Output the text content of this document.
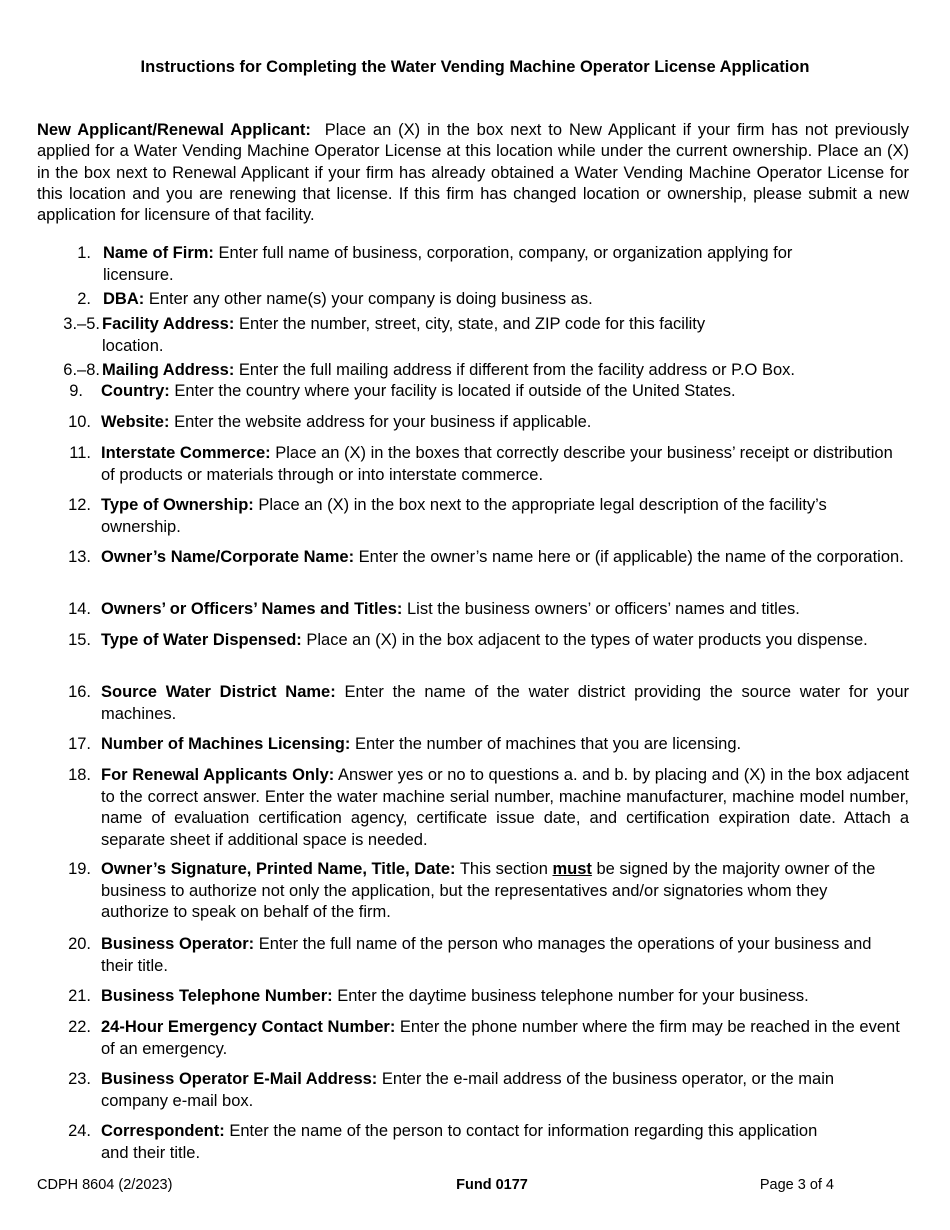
Instructions for Completing the Water Vending Machine Operator License Application
New Applicant/Renewal Applicant: Place an (X) in the box next to New Applicant if your firm has not previously applied for a Water Vending Machine Operator License at this location while under the current ownership. Place an (X) in the box next to Renewal Applicant if your firm has already obtained a Water Vending Machine Operator License for this location and you are renewing that license. If this firm has changed location or ownership, please submit a new application for licensure of that facility.
1. Name of Firm: Enter full name of business, corporation, company, or organization applying for licensure.
2. DBA: Enter any other name(s) your company is doing business as.
3.–5. Facility Address: Enter the number, street, city, state, and ZIP code for this facility location.
6.–8. Mailing Address: Enter the full mailing address if different from the facility address or P.O Box.
9. Country: Enter the country where your facility is located if outside of the United States.
10. Website: Enter the website address for your business if applicable.
11. Interstate Commerce: Place an (X) in the boxes that correctly describe your business’ receipt or distribution of products or materials through or into interstate commerce.
12. Type of Ownership: Place an (X) in the box next to the appropriate legal description of the facility’s ownership.
13. Owner’s Name/Corporate Name: Enter the owner’s name here or (if applicable) the name of the corporation.
14. Owners’ or Officers’ Names and Titles: List the business owners’ or officers’ names and titles.
15. Type of Water Dispensed: Place an (X) in the box adjacent to the types of water products you dispense.
16. Source Water District Name: Enter the name of the water district providing the source water for your machines.
17. Number of Machines Licensing: Enter the number of machines that you are licensing.
18. For Renewal Applicants Only: Answer yes or no to questions a. and b. by placing and (X) in the box adjacent to the correct answer. Enter the water machine serial number, machine manufacturer, machine model number, name of evaluation certification agency, certificate issue date, and certification expiration date. Attach a separate sheet if additional space is needed.
19. Owner’s Signature, Printed Name, Title, Date: This section must be signed by the majority owner of the business to authorize not only the application, but the representatives and/or signatories whom they authorize to speak on behalf of the firm.
20. Business Operator: Enter the full name of the person who manages the operations of your business and their title.
21. Business Telephone Number: Enter the daytime business telephone number for your business.
22. 24-Hour Emergency Contact Number: Enter the phone number where the firm may be reached in the event of an emergency.
23. Business Operator E-Mail Address: Enter the e-mail address of the business operator, or the main company e-mail box.
24. Correspondent: Enter the name of the person to contact for information regarding this application and their title.
CDPH 8604 (2/2023)	Fund 0177	Page 3 of 4
